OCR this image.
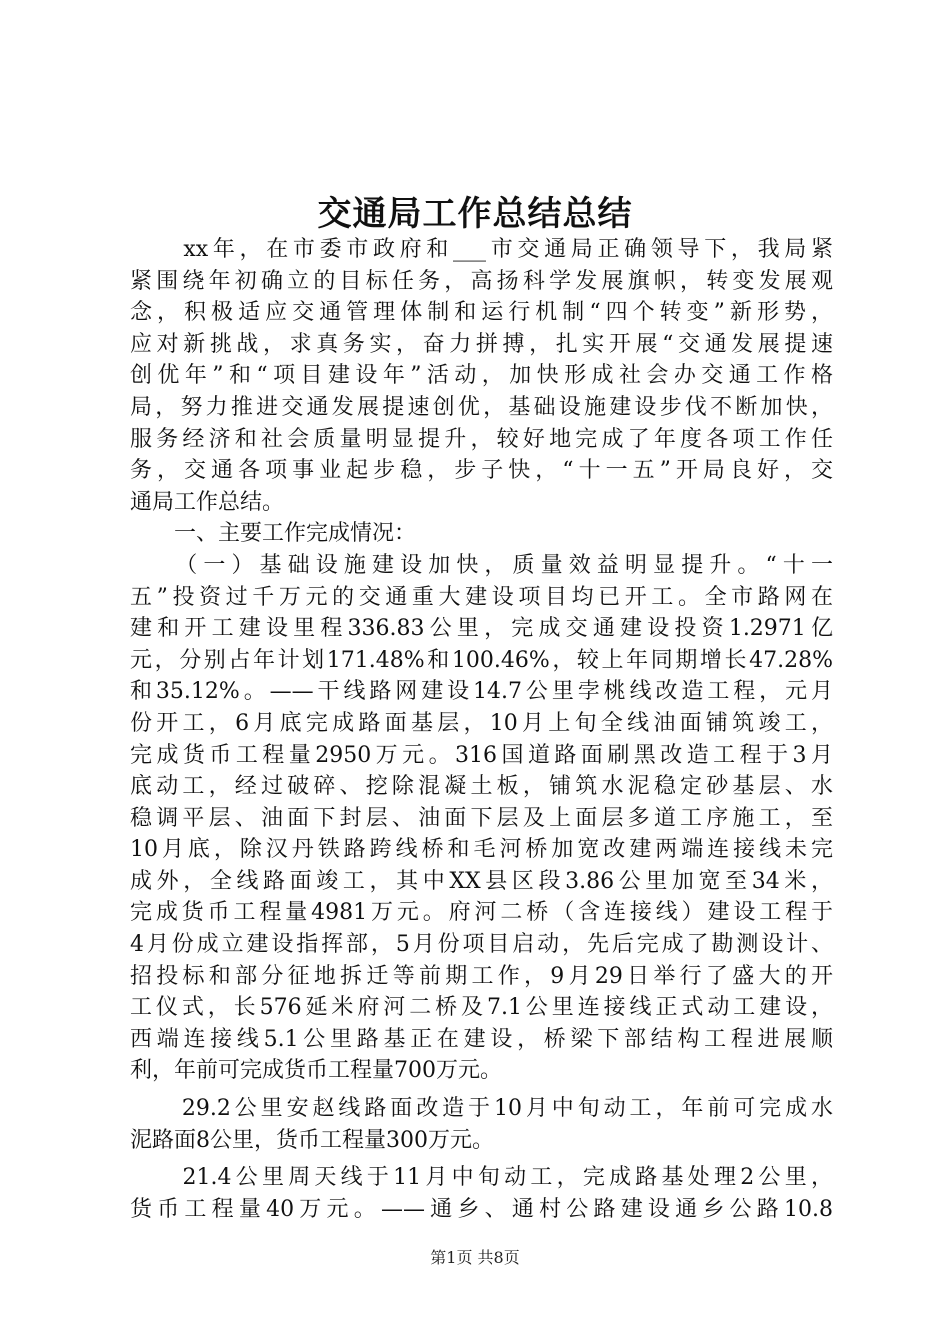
交通局工作总结总结
　　xx年，在市委市政府和___市交通局正确领导下，我局紧
紧围绕年初确立的目标任务，高扬科学发展旗帜，转变发展观
念，积极适应交通管理体制和运行机制“四个转变”新形势，
应对新挑战，求真务实，奋力拼搏，扎实开展“交通发展提速
创优年”和“项目建设年”活动，加快形成社会办交通工作格
局，努力推进交通发展提速创优，基础设施建设步伐不断加快，
服务经济和社会质量明显提升，较好地完成了年度各项工作任
务，交通各项事业起步稳，步子快，“十一五”开局良好，交
通局工作总结。
　　一、主要工作完成情况：
　　（一）基础设施建设加快，质量效益明显提升。“十一
五”投资过千万元的交通重大建设项目均已开工。全市路网在
建和开工建设里程336.83公里，完成交通建设投资1.2971亿
元，分别占年计划171.48%和100.46%，较上年同期增长47.28%
和35.12%。——干线路网建设14.7公里孛桃线改造工程，元月
份开工，6月底完成路面基层，10月上旬全线油面铺筑竣工，
完成货币工程量2950万元。316国道路面刷黑改造工程于3月
底动工，经过破碎、挖除混凝土板，铺筑水泥稳定砂基层、水
稳调平层、油面下封层、油面下层及上面层多道工序施工，至
10月底，除汉丹铁路跨线桥和毛河桥加宽改建两端连接线未完
成外，全线路面竣工，其中XX县区段3.86公里加宽至34米，
完成货币工程量4981万元。府河二桥（含连接线）建设工程于
4月份成立建设指挥部，5月份项目启动，先后完成了勘测设计、
招投标和部分征地拆迁等前期工作，9月29日举行了盛大的开
工仪式，长576延米府河二桥及7.1公里连接线正式动工建设，
西端连接线5.1公里路基正在建设，桥梁下部结构工程进展顺
利，年前可完成货币工程量700万元。
　　29.2公里安赵线路面改造于10月中旬动工，年前可完成水
泥路面8公里，货币工程量300万元。
　　21.4公里周天线于11月中旬动工，完成路基处理2公里，
货币工程量40万元。——通乡、通村公路建设通乡公路10.8
第1页 共8页
